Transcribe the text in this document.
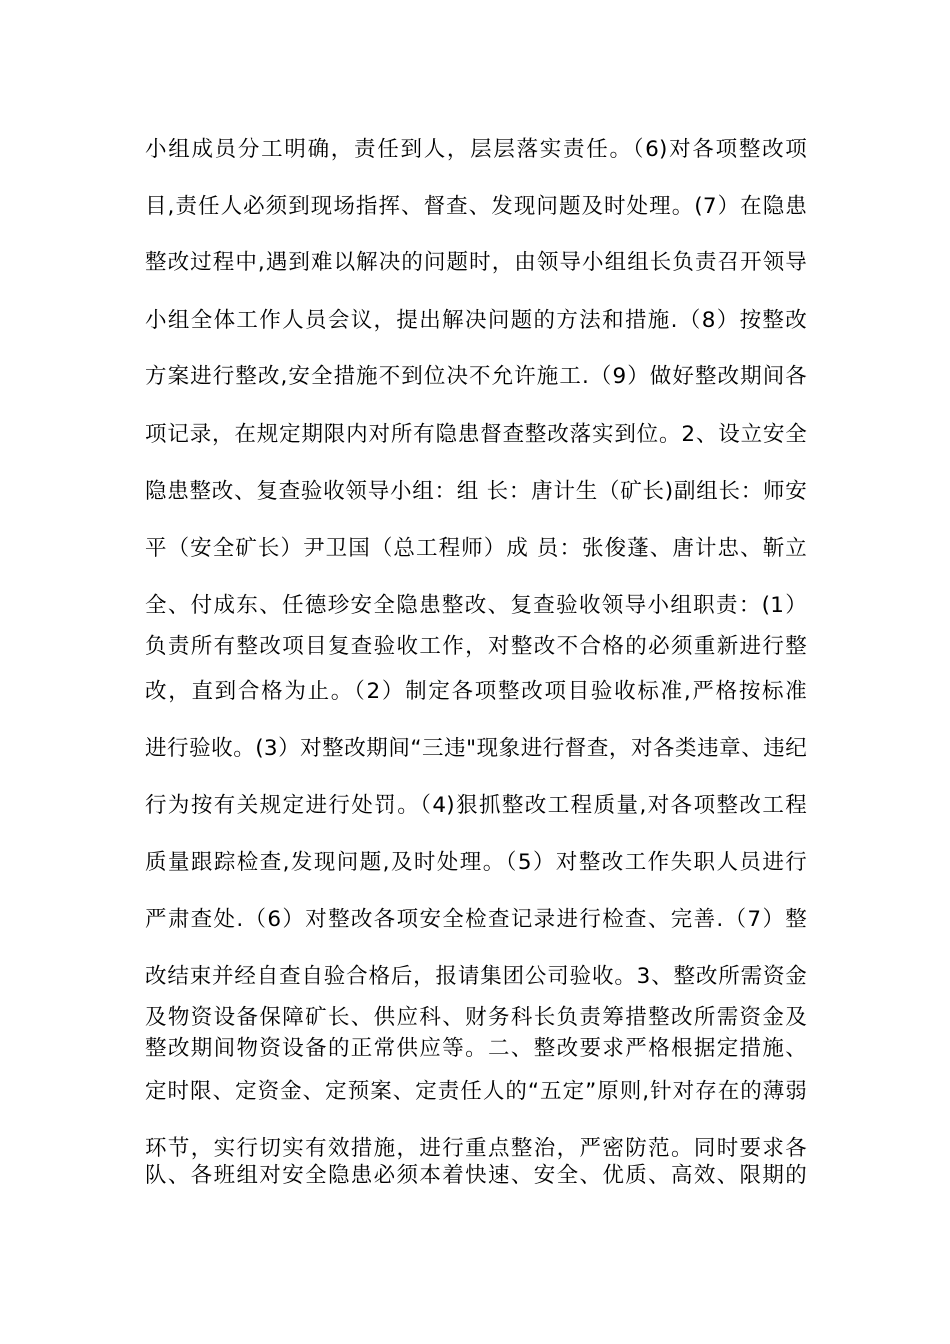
小组成员分工明确，责任到人，层层落实责任。（6)对各项整改项

目,责任人必须到现场指挥、督查、发现问题及时处理。(7）在隐患

整改过程中,遇到难以解决的问题时，由领导小组组长负责召开领导

小组全体工作人员会议，提出解决问题的方法和措施.（8）按整改

方案进行整改,安全措施不到位决不允许施工.（9）做好整改期间各

项记录，在规定期限内对所有隐患督查整改落实到位。2、设立安全

隐患整改、复查验收领导小组：组 长：唐计生（矿长)副组长：师安

平（安全矿长）尹卫国（总工程师）成 员：张俊蓬、唐计忠、靳立

全、付成东、任德珍安全隐患整改、复查验收领导小组职责：(1）

负责所有整改项目复查验收工作，对整改不合格的必须重新进行整

改，直到合格为止。（2）制定各项整改项目验收标准,严格按标准

进行验收。(3）对整改期间“三违"现象进行督查，对各类违章、违纪

行为按有关规定进行处罚。（4)狠抓整改工程质量,对各项整改工程

质量跟踪检查,发现问题,及时处理。（5）对整改工作失职人员进行

严肃查处.（6）对整改各项安全检查记录进行检查、完善.（7）整

改结束并经自查自验合格后，报请集团公司验收。3、整改所需资金

及物资设备保障矿长、供应科、财务科长负责筹措整改所需资金及

整改期间物资设备的正常供应等。二、整改要求严格根据定措施、

定时限、定资金、定预案、定责任人的“五定”原则,针对存在的薄弱

环节，实行切实有效措施，进行重点整治，严密防范。同时要求各

队、各班组对安全隐患必须本着快速、安全、优质、高效、限期的
